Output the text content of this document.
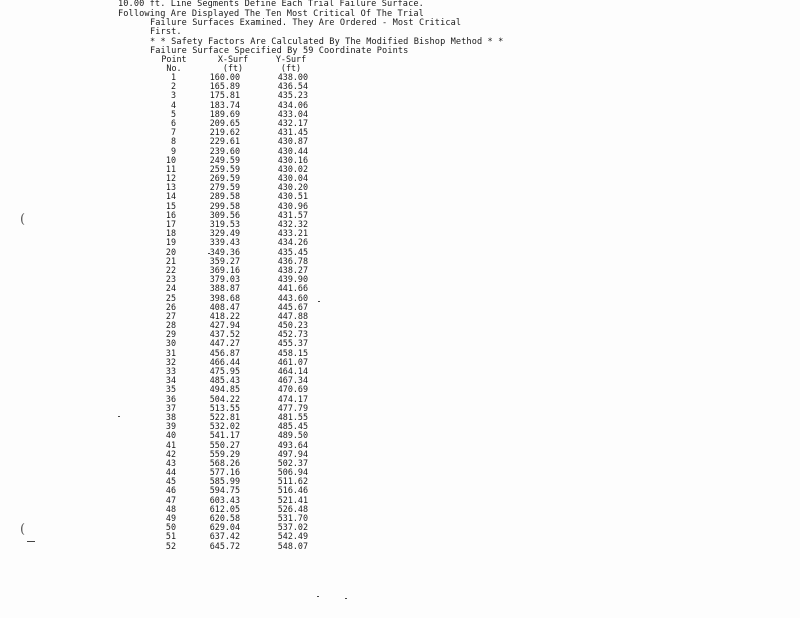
10.00 ft. Line Segments Define Each Trial Failure Surface.
Following Are Displayed The Ten Most Critical Of The Trial
Failure Surfaces Examined. They Are Ordered - Most Critical
First.
* * Safety Factors Are Calculated By The Modified Bishop Method * *
Failure Surface Specified By 59 Coordinate Points
Point
No.
X-Surf
(ft)
Y-Surf
(ft)
1	160.00	438.00
2	165.89	436.54
3	175.81	435.23
4	183.74	434.06
5	189.69	433.04
6	209.65	432.17
7	219.62	431.45
8	229.61	430.87
9	239.60	430.44
10	249.59	430.16
11	259.59	430.02
12	269.59	430.04
13	279.59	430.20
14	289.58	430.51
15	299.58	430.96
16	309.56	431.57
17	319.53	432.32
18	329.49	433.21
19	339.43	434.26
20	349.36	435.45
21	359.27	436.78
22	369.16	438.27
23	379.03	439.90
24	388.87	441.66
25	398.68	443.60
26	408.47	445.67
27	418.22	447.88
28	427.94	450.23
29	437.52	452.73
30	447.27	455.37
31	456.87	458.15
32	466.44	461.07
33	475.95	464.14
34	485.43	467.34
35	494.85	470.69
36	504.22	474.17
37	513.55	477.79
38	522.81	481.55
39	532.02	485.45
40	541.17	489.50
41	550.27	493.64
42	559.29	497.94
43	568.26	502.37
44	577.16	506.94
45	585.99	511.62
46	594.75	516.46
47	603.43	521.41
48	612.05	526.48
49	620.58	531.70
50	629.04	537.02
51	637.42	542.49
52	645.72	548.07
(
(
